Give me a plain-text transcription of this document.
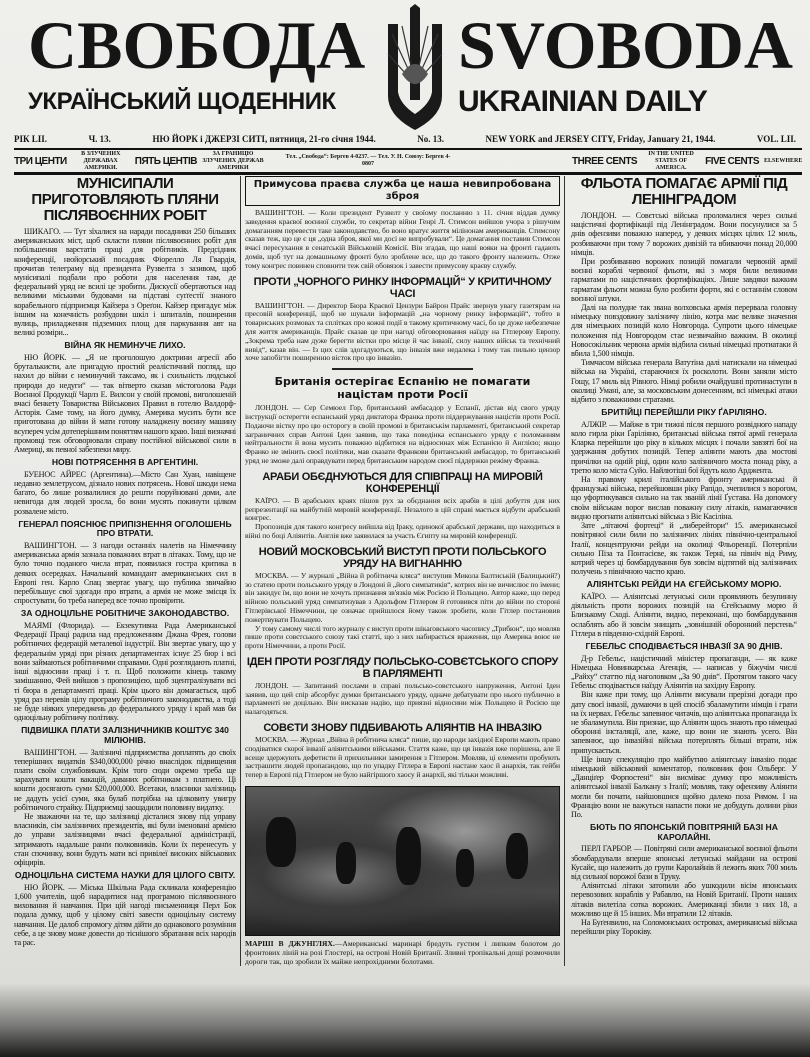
СВОБОДА
УКРАЇНСЬКИЙ ЩОДЕННИК
SVOBODA
UKRAINIAN DAILY
РІК LII.	Ч. 13.	НЮ ЙОРК і ДЖЕРЗІ СИТІ, пятниця, 21-го січня 1944.	No. 13.	NEW YORK and JERSEY CITY, Friday, January 21, 1944.	VOL. LII.
ТРИ ЦЕНТИ
В ЗЛУЧЕНИХ ДЕРЖАВАХ АМЕРИКИ.
ПЯТЬ ЦЕНТІВ
ЗА ГРАНИЦЮ ЗЛУЧЕНИХ ДЕРЖАВ АМЕРИКИ
Тел. „Свобода“: Бергев 4-0237. — Тел. У. Н. Союзу: Бергев 4-0807	THREE CENTS
IN THE UNITED STATES OF AMERICA.
FIVE CENTS ELSEWHERE
МУНІСИПАЛИ ПРИГОТОВЛЯЮТЬ ПЛЯНИ ПІСЛЯВОЄННИХ РОБІТ

ШИКАГО. — Тут зїхалися на наради посадники 250 більших американських міст, щоб скласти пляни післявоєнних робіт для побільшення варстатів праці для робітників. Предсідник конференції, нюйорський посадник Фіорелло Ля Гвардія, прочитав телеграму від президента Рузвелта з зазивом, щоб мунісипалі подбали про роботи для населення там, де федеральний уряд не всилі це зробити. Дискусії обертаються над великими міськими будовами на підставі суґґестії знаного корабельного підприємця Кайзера з Ореґон. Кайзер пригадує між іншим на конечність розбудови шкіл і шпиталів, поширення вулиць, приладження підземних площ для паркування авт на великі розміри...

ВІЙНА ЯК НЕМИНУЧЕ ЛИХО.

НЮ ЙОРК. — „Я не проголошую доктрини агресії або бруталькисти, але пригадую простий реалістичний погляд, що нахил до війни є неминучий таксамо, як і схильність людської природи до недуги“ — так вітверто сказав містоголова Ради Воєнної Продукції Чарлз Е. Вилсон у своїй промові, виголошеній вчасі бенкету Товариства Військових Правил в готелю Валдорф-Асторія. Саме тому, на його думку, Америка мусить бути все приготована до війни й мати готову наладжену воєнну машину всупереч усім дотеперішним поняттям нашого краю. Інші визначні промовці теж обговорювали справу постійної військової сили в Америці, як певної забезпеки миру.

НОВІ ПОТРЯСЕННЯ В АРГЕНТИНІ.

БУЕНОС АЙРЕС (Аргентина).—Місто Сан Хуан, навіщене недавно землетрусом, дізнало нових потрясень. Нової шкоди нема багато, бо лише розвалилися до решти поруйновані доми, але невигода для людей зросла, бо вони мусять покинути цілком розвалене місто.

ГЕНЕРАЛ ПОЯСНЮЄ ПРИПІЗНЕННЯ ОГОЛОШЕНЬ ПРО ВТРАТИ.

ВАШИНГТОН. — З нагоди останніх налетів на Німеччину американська армія зазнала поважних втрат в літаках. Тому, що не було точно поданого числа втрат, появилася гостра критика в деяких осередках. Начальний командант американських сил в Европі ген. Карло Спац звертає увагу, що публика звичайно перебільшує свої здогади про втрати, а армія не може змісця їх спростувати, бо треба наперед все точно провірити.

ЗА ОДНОЦІЛЬНЕ РОБІТНИЧЕ ЗАКОНОДАВСТВО.

МАЯМІ (Флорида). — Екзекутивна Рада Американської Федерації Праці радила над предложенням Джана Фрея, голови робітничих федерацій металевої індустрії. Він звертає увагу, що у федеральнім уряді при різних департаментах існує 25 бюр і всі вони займаються робітничими справами. Одні розглядають платні, інші відносини праці і т. п. Щоб положити кінець такому замішанню, Фей вийшов з пропозицією, щоб зцентралізувати всі ті бюра в департаменті праці. Крім цього він домагається, щоб уряд раз перевів цілу програму робітничого законодавства, а тоді не буде ніяких упереджень до федерального уряду і край мав би одноцільну робітничу політику.

ПІДВИШКА ПЛАТИ ЗАЛІЗНИЧНИКІВ КОШТУЄ 340 МІЛЮНІВ.

ВАШИНГТОН. — Залізничі підприємства доплатять до своїх теперішних видатків $340,000,000 річно внаслідок підвищення плати своїм службовикам. Крім того сюди окремо треба ще зарахувати кошти вакацій, даваних робітникам з платнею. Ці кошти досягають суми $20,000,000. Всетаки, власники залізниць не дадуть усієї суми, яка булаб потрібна на цілковиту увигру робітничого страйку. Підприємці заощадили половину видатку.

Не зважаючи на те, що залізниці дісталися знову під управу власників, сім залізничих президентів, які були іменовані армією до управи залізницями вчасі федеральної адміністрації, затримають надальше ранґи полковників. Коли їх перенесуть у стан спочинку, вони будуть мати всі привілеї високих військових офіцирів.

ОДНОЦІЛЬНА СИСТЕМА НАУКИ ДЛЯ ЦІЛОГО СВІТУ.

НЮ ЙОРК. — Міська Шкільна Рада скликала конференцію 1,600 учителів, щоб нарадитися над програмою післявоєнного виховання й навчання. При цій нагоді письменниця Перл Бок подала думку, щоб у цілому світі завести одноцільну систему навчання. Це далоб спромогу дітям дійти до однакового розуміння себе, а це знову може довести до тіснішого збратання всіх народів та рас.

Примусова праєва служба це наша невипробована зброя

ВАШИНГТОН. — Коли президент Рузвелт у своїому посланню з 11. січня віддав думку заведення краєвої воєнної служби, то секретар війни Генрі Л. Стимсон вийшов учора з рішучим домаганням перевести таке законодавство, бо воно вратує життя мілінонам американців. Стимсону сказав теж, що це є ця „одна зброя, якої ми досі не випробували“. Це домагання поставив Стимсон вчасі пересухання в сенатській Військовій Комісії. Він згадав, що наші вояки на фронті гадають домів, щоб тут на домашньому фронті було зроблене все, що до такого фронту належить. Отже тому конгрес повинен сповнити теж свій обовязок і завести примусову краєву службу.

ПРОТИ „ЧОРНОГО РИНКУ ІНФОРМАЦІЙ“ У КРИТИЧНОМУ ЧАСІ

ВАШИНГТОН. — Директор Бюра Краєвої Цензури Байрон Прайс звернув увагу газетярам на пресовій конференції, щоб не шукали інформацій „на чорному ринку інформацій“, тобто в товариських розмовах та сплітках про кожні події в такому критичному часі, бо це дуже небезпечне для життя американців. Прайс сказав це при нагоді обговорювання наїзду на Гітлерову Европу. „Зокрема треба нам дуже берегти вістки про місце й час інвазії, силу наших військ та технічний вивід“, казав він. — Із цих слів здогадуються, що інвазія вже недалека і тому так пильно цензор хоче запобігти поширенню вісток про цю інвазію.

Британія остерігає Еспанію не помагати націстам проти Росії

ЛОНДОН. — Сер Семюел Гор, британський амбасадор у Еспанії, дістав від свого уряду інструкції остерегти еспанський уряд диктатора Франка проти піддержування націстів проти Росії. Подаючи вістку про цю осторогу в своїй промові в британськім парламенті, британський секретар заграничних справ Антоні Іден заявив, що така поведінка еспанського уряду є поломанням нейтральности й вона мусить поважно відбитися на відносинах між Еспанією й Англією; якщо Франко не змінить своєї політики, мав сказати Франкови британський амбасадор, то британський уряд не зможе далі оправдувати перед британським народом своєї піддержки режіму Франка.

АРАБИ ОБЄДНУЮТЬСЯ ДЛЯ СПІВПРАЦІ НА МИРОВІЙ КОНФЕРЕНЦІЇ

КАЇРО. — В арабських краях пішов рух за обєднання всіх арабів в цілі добуття для них репрезентації на майбутній мировій конференції. Незалого в цій справі мається відбути арабський конгрес.

Пропозиція для такого конгресу вийшла від Іраку, одинокої арабської держави, що находиться в війні по боці Аліянтів. Англія вже заявилася за участь Єгипту на мировій конференції.

НОВИЙ МОСКОВСЬКИЙ ВИСТУП ПРОТИ ПОЛЬСЬКОГО УРЯДУ НА ВИГНАННЮ

МОСКВА. — У журналі „Війна й робітнича кляса“ виступив Микола Балтиській (Балицький?) зо статею проти польського уряду в Лондоні й „його симпатиків“, котрих він не вичислює по імени; він закидує їм, що вони не хочуть признання зв'язків між Росією й Польщею. Автор каже, що перед війною польський уряд симпатизував з Адольфом Гітлером й готовився піти до війни по стороні Гітлерівської Німеччини, це означає прийшлося йому також зробити, коли Гітлер постановив пожертвувати Польщею.

У тому самому числі того журналу є виступ проти шікаґовського часопису „Трибюн“, що мовляв пише проти совєтського союзу такі статті, що з них набирається враження, що Америка воює не проти Німеччини, а проти Росії.

ІДЕН ПРОТИ РОЗГЛЯДУ ПОЛЬСЬКО-СОВЄТСЬКОГО СПОРУ В ПАРЛЯМЕНТІ

ЛОНДОН. — Запитаний послами в справі польсько-совєтського напруження, Антоні Іден заявив, що цей спір абсорбує думки британського уряду, одначе дебатувати про нього публично в парламенті не доцільно. Він висказав надію, що приязні відносини між Польщею й Росією ще налагодяться.

СОВЄТИ ЗНОВУ ПІДБИВАЮТЬ АЛІЯНТІВ НА ІНВАЗІЮ

МОСКВА. — Журнал „Війна й робітнича кляса“ пише, що народи західної Европи мають право сподіватися скорої інвазії аліянтськими військами. Стаття каже, що ця інвазія вже порішена, але її всеще здержують дефетисти й прихильники замирення з Гітлером. Мовляв, ці елементи пробують застрашити людей пропаґандою, що по упадку Гітлера в Европі настане хаос й анархія, так гейби тепер в Европі під Гітлером не було найгіршого хаосу й анархії, які тільки можливі.

МАРШІ В ДЖУНГЛЯХ.—Американські маринарі бредуть густим і липким болотом до фронтових ліній на розі Глостері, на острові Новій Британії. Зливні тропікальні дощі розмочили дороги так, що зробили їх майже непрохідними болотами.
ФЛЬОТА ПОМАГАЄ АРМІЇ ПІД ЛЕНІНГРАДОМ

ЛОНДОН. — Совєтські війська проломалися через сильні націстичні фортифікації під Ленінградом. Вони посунулися за 5 днів офензиви поважно наперед, у деяких місцях цілих 12 миль, розбиваючи при тому 7 ворожих дивізій та вбиваючи понад 20,000 німців.

При розбиванню ворожих позицій помагали червоній армії воєнні кораблі червоної фльоти, які з моря били великими гарматами по націстичних фортифікаціях. Лише завдяки важким гарматам фльоти можна було розбити форти, які є останнім словом воєнної штуки.

Далі на полудне так звана волховська армія перервала головну німецьку повздовжну залізничу лінію, котра має велике значення для німецьких позицій коло Новгорода. Супроти цього німецьке положення під Новгородом стає незвичайно важким. В околиці Новосокільник червона армія відбила сильні німецькі протиатаки й вбила 1,500 німців.

Тимчасом війська генерала Ватутіна далі натискали на німецькі війська на Україні, стараючися їх росколоти. Вони заняли місто Гощу, 17 миль від Рівного. Німці робили очайдушні протинаступи в околиці Умані, але, за московським донесенням, всі німецькі атаки відбито з поважними стратами.

БРИТІЙЦІ ПЕРЕЙШЛИ РІКУ ҐАРІЛІЯНО.

АЛЖІР. — Майже в три тижні після першого розвідного нападу коло гирла ріки Ґаріліяно, британські війська пятої армії генерала Кларка перейшли цю ріку в кількох місцях і почали завзяті бої на удержання добутих позицій. Тепер аліянти мають два мостові причілки на одній ріці, один коло залізничого моста понад ріку, а третю коло міста Суйо. Найлютіші бої йдуть коло Арджента.

На правому крилі італійського фронту американські й французькі війська, перейшовши ріку Рапідо, зчепилися з ворогом, що уфортикувався сильно на так званій лінії Ґустава. На допомогу своїм військам ворог вислав поважну силу літаків, намагаючися видно прогнати аліянтські війська з Віє Касіліна.

Зате „літаючі фортеці“ й „либерейтори“ 15. американської повітряної сили били по залізничих лініях північно-центральної Італії, концентруючи рейди на околиці Фльоренції. Потерпіли сильно Піза та Понтасієве, як також Терні, на північ від Риму, котрий через ці бомбардування був зовсім відтятий від залізничих получень з північною частю краю.

АЛІЯНТСЬКІ РЕЙДИ НА ЄГЕЙСЬКОМУ МОРЮ.

КАЇРО. — Аліянтські летунські сили проявляють безупинну діяльність проти ворожих позицій на Єгейському морю й Близькому Сході. Аліянти, видно, переконані, що бомбардування ослаблять або й зовсім знищать „зовнішній оборонний перстень“ Гітлера в південно-східній Европі.

ГЕБЕЛЬС СПОДІВАЄТЬСЯ ІНВАЗІЇ ЗА 90 ДНІВ.

Д-р Гебельс, націстичний міністер пропаганди, — як каже Німецька Новинкарська Агенція, — написав у біжучім числі „Райху“ статтю під наголовком „За 90 днів“. Протягом такого часу Гебельс сподівається наїзду Аліянтів на західну Европу.

Він каже при тому, що Аліянти висували прерізні догади про дату своєї інвазії, думаючи в цей спосіб збаламутити німців і грати на їх нервах. Гебельс запевнює читачів, що аліянтська пропаганда їх не збаламутила. Він признає, що Аліянти щось знають про німецькі оборонні інсталяції, але, каже, що вони не знають усего. Він запевнює, що інвазійні війська потерплять більші втрати, ніж припускається.

Ще іншу спекуляцію про майбутню аліянтську інвазію подає німецький військовий коментатор, полковник фон Ольберг. У „Данціґер Форпостені“ він висміває думку про можливість аліянтської інвазії Балкану з Італії; мовляв, таку офензиву Аліянти могли би почати, найшовшися щойно далеко поза Римом. І на Францію вони не важуться напасти поки не добудуть долини ріки По.

БЮТЬ ПО ЯПОНСЬКІЙ ПОВІТРЯНІЙ БАЗІ НА КАРОЛАЙНІ.

ПЕРЛ ГАРБОР. — Повітряні сили американської воєнної фльоти збомбардували вперше японські летунські майдани на острові Кусайє, що належить до групи Каролайнів й лежить яких 700 миль від сильної ворожої бази в Труку.

Аліянтські літаки затопили або ушкодили вісім японських перевозових кораблів у Рабавлю, на Новій Британії. Проти наших літаків вилетіла сотка ворожих. Американці збили з них 18, а можливо ще й 15 інших. Ми втратили 12 літаків.

На Буґенвилю, на Соломонських островах, американські війська перейшли ріку Тороківу.
